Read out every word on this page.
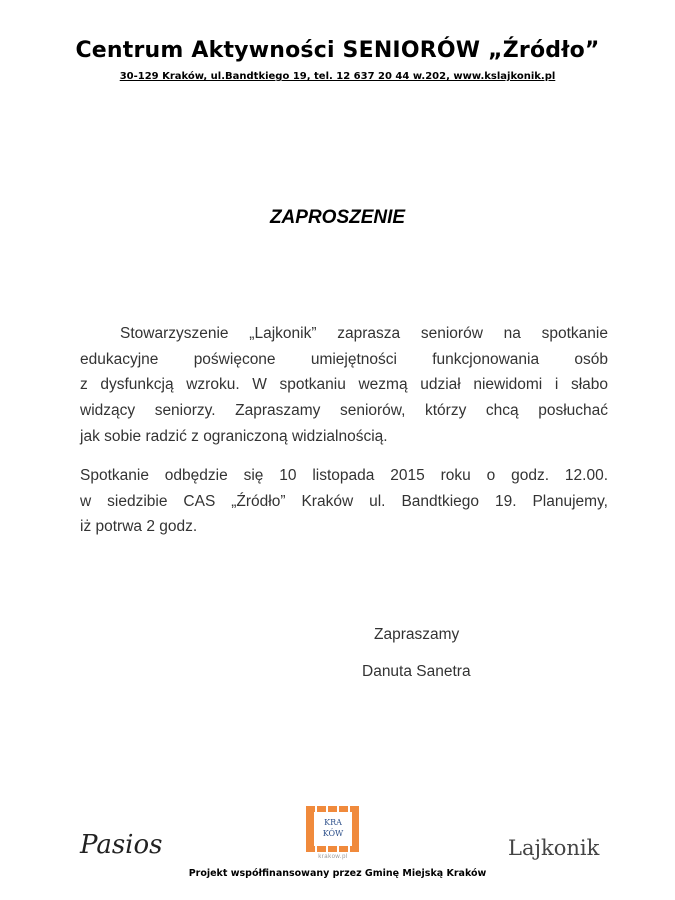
Centrum Aktywności SENIORÓW „Źródło”
30-129 Kraków, ul.Bandtkiego 19, tel. 12 637 20 44 w.202, www.kslajkonik.pl
ZAPROSZENIE
Stowarzyszenie „Lajkonik” zaprasza seniorów na spotkanie
edukacyjne poświęcone umiejętności funkcjonowania osób
z dysfunkcją wzroku. W spotkaniu wezmą udział niewidomi i słabo
widzący seniorzy. Zapraszamy seniorów, którzy chcą posłuchać
jak sobie radzić z ograniczoną widzialnością.
Spotkanie odbędzie się 10 listopada 2015 roku o godz. 12.00.
w siedzibie CAS „Źródło” Kraków ul. Bandtkiego 19. Planujemy,
iż potrwa 2 godz.
Zapraszamy
Danuta Sanetra
Pasios
KRA KÓW
krakow.pl	Lajkonik
Projekt współfinansowany przez Gminę Miejską Kraków
